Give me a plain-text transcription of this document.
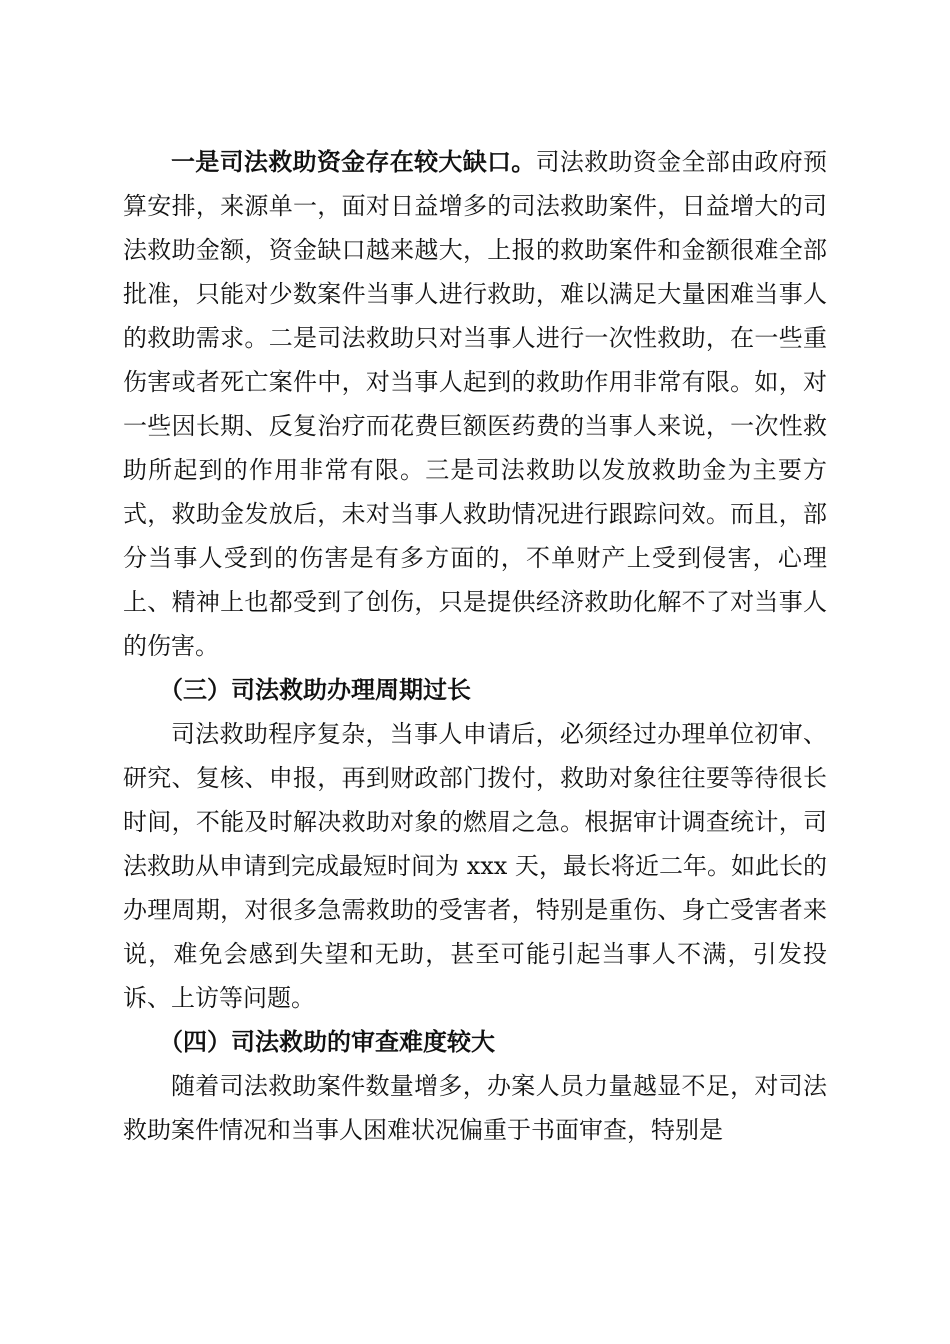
一是司法救助资金存在较大缺口。司法救助资金全部由政府预算安排，来源单一，面对日益增多的司法救助案件，日益增大的司法救助金额，资金缺口越来越大，上报的救助案件和金额很难全部批准，只能对少数案件当事人进行救助，难以满足大量困难当事人的救助需求。二是司法救助只对当事人进行一次性救助，在一些重伤害或者死亡案件中，对当事人起到的救助作用非常有限。如，对一些因长期、反复治疗而花费巨额医药费的当事人来说，一次性救助所起到的作用非常有限。三是司法救助以发放救助金为主要方式，救助金发放后，未对当事人救助情况进行跟踪问效。而且，部分当事人受到的伤害是有多方面的，不单财产上受到侵害，心理上、精神上也都受到了创伤，只是提供经济救助化解不了对当事人的伤害。

（三）司法救助办理周期过长

司法救助程序复杂，当事人申请后，必须经过办理单位初审、研究、复核、申报，再到财政部门拨付，救助对象往往要等待很长时间，不能及时解决救助对象的燃眉之急。根据审计调查统计，司法救助从申请到完成最短时间为 xxx 天，最长将近二年。如此长的办理周期，对很多急需救助的受害者，特别是重伤、身亡受害者来说，难免会感到失望和无助，甚至可能引起当事人不满，引发投诉、上访等问题。

（四）司法救助的审查难度较大

随着司法救助案件数量增多，办案人员力量越显不足，对司法救助案件情况和当事人困难状况偏重于书面审查，特别是
